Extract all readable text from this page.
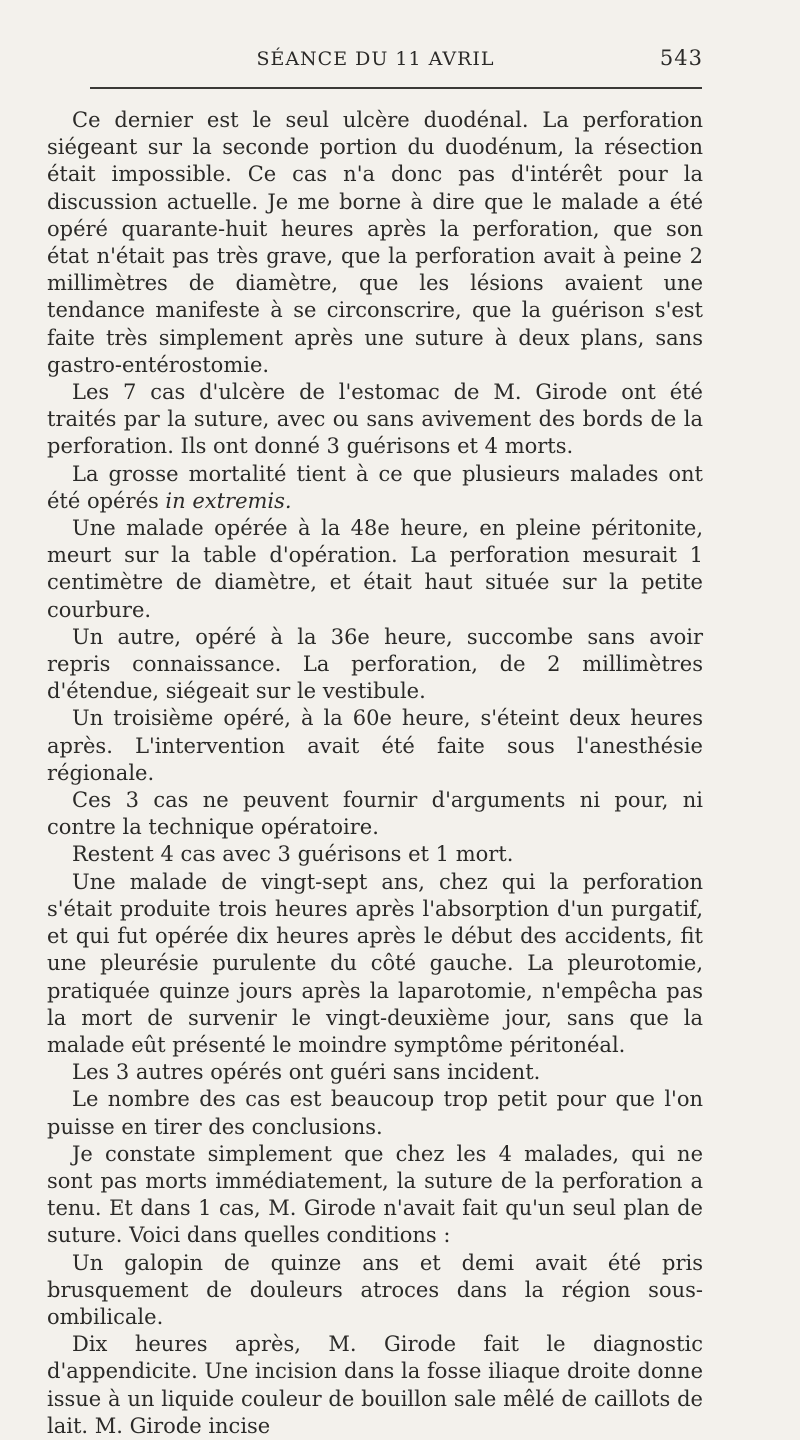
SÉANCE DU 11 AVRIL	543

Ce dernier est le seul ulcère duodénal. La perforation siégeant sur la seconde portion du duodénum, la résection était impossible. Ce cas n'a donc pas d'intérêt pour la discussion actuelle. Je me borne à dire que le malade a été opéré quarante-huit heures après la perforation, que son état n'était pas très grave, que la perforation avait à peine 2 millimètres de diamètre, que les lésions avaient une tendance manifeste à se circonscrire, que la guérison s'est faite très simplement après une suture à deux plans, sans gastro-entérostomie.

Les 7 cas d'ulcère de l'estomac de M. Girode ont été traités par la suture, avec ou sans avivement des bords de la perforation. Ils ont donné 3 guérisons et 4 morts.

La grosse mortalité tient à ce que plusieurs malades ont été opérés in extremis.

Une malade opérée à la 48e heure, en pleine péritonite, meurt sur la table d'opération. La perforation mesurait 1 centimètre de diamètre, et était haut située sur la petite courbure.

Un autre, opéré à la 36e heure, succombe sans avoir repris connaissance. La perforation, de 2 millimètres d'étendue, siégeait sur le vestibule.

Un troisième opéré, à la 60e heure, s'éteint deux heures après. L'intervention avait été faite sous l'anesthésie régionale.

Ces 3 cas ne peuvent fournir d'arguments ni pour, ni contre la technique opératoire.

Restent 4 cas avec 3 guérisons et 1 mort.

Une malade de vingt-sept ans, chez qui la perforation s'était produite trois heures après l'absorption d'un purgatif, et qui fut opérée dix heures après le début des accidents, fit une pleurésie purulente du côté gauche. La pleurotomie, pratiquée quinze jours après la laparotomie, n'empêcha pas la mort de survenir le vingt-deuxième jour, sans que la malade eût présenté le moindre symptôme péritonéal.

Les 3 autres opérés ont guéri sans incident.

Le nombre des cas est beaucoup trop petit pour que l'on puisse en tirer des conclusions.

Je constate simplement que chez les 4 malades, qui ne sont pas morts immédiatement, la suture de la perforation a tenu. Et dans 1 cas, M. Girode n'avait fait qu'un seul plan de suture. Voici dans quelles conditions :

Un galopin de quinze ans et demi avait été pris brusquement de douleurs atroces dans la région sous-ombilicale.

Dix heures après, M. Girode fait le diagnostic d'appendicite. Une incision dans la fosse iliaque droite donne issue à un liquide couleur de bouillon sale mêlé de caillots de lait. M. Girode incise
